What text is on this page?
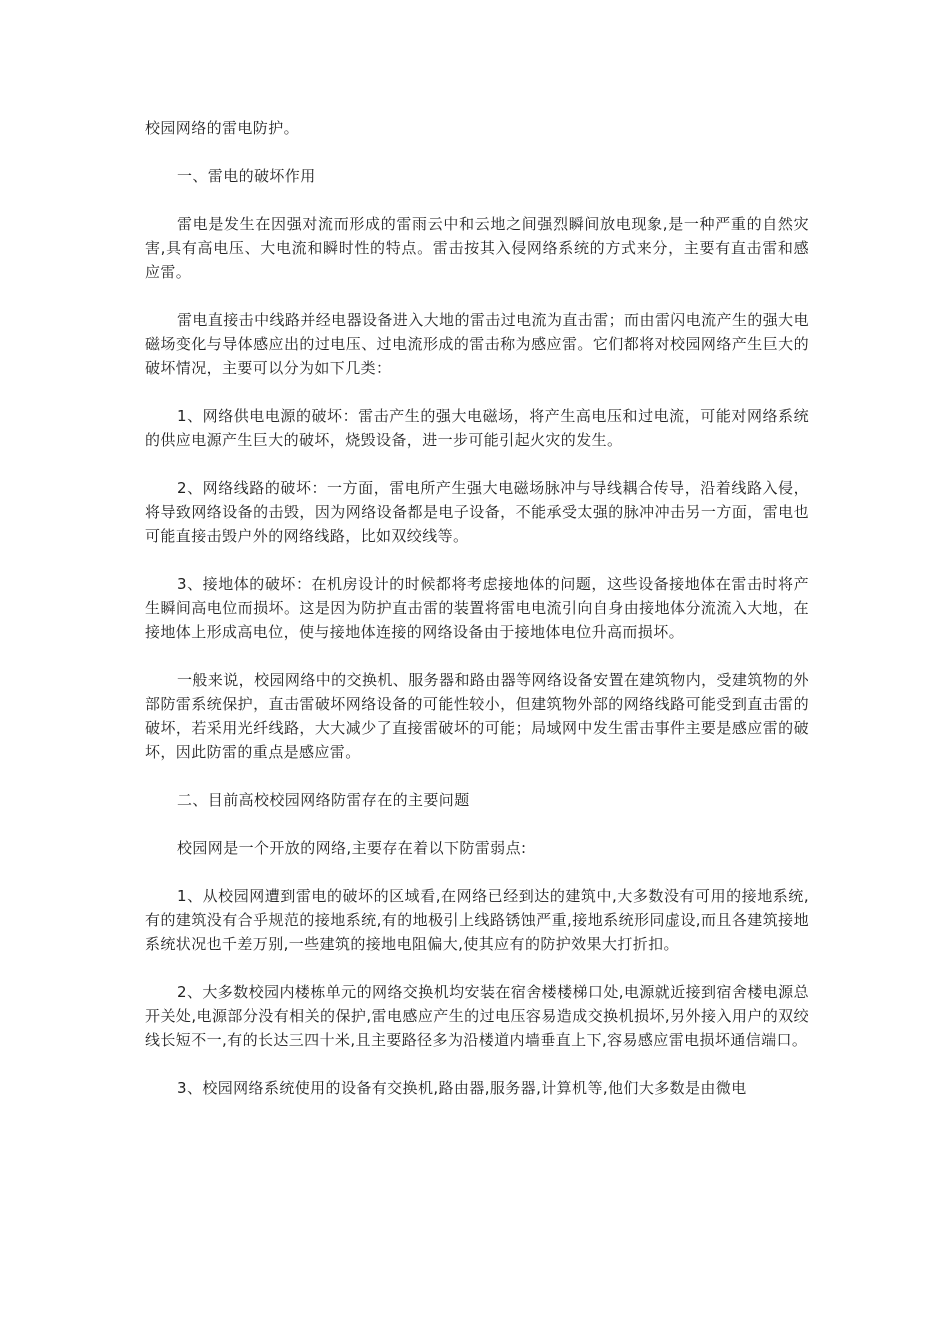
校园网络的雷电防护。

一、雷电的破坏作用

雷电是发生在因强对流而形成的雷雨云中和云地之间强烈瞬间放电现象,是一种严重的自然灾害,具有高电压、大电流和瞬时性的特点。雷击按其入侵网络系统的方式来分，主要有直击雷和感应雷。

雷电直接击中线路并经电器设备进入大地的雷击过电流为直击雷；而由雷闪电流产生的强大电磁场变化与导体感应出的过电压、过电流形成的雷击称为感应雷。它们都将对校园网络产生巨大的破坏情况，主要可以分为如下几类：

1、网络供电电源的破坏：雷击产生的强大电磁场，将产生高电压和过电流，可能对网络系统的供应电源产生巨大的破坏，烧毁设备，进一步可能引起火灾的发生。

2、网络线路的破坏：一方面，雷电所产生强大电磁场脉冲与导线耦合传导，沿着线路入侵，将导致网络设备的击毁，因为网络设备都是电子设备，不能承受太强的脉冲冲击另一方面，雷电也可能直接击毁户外的网络线路，比如双绞线等。

3、接地体的破坏：在机房设计的时候都将考虑接地体的问题，这些设备接地体在雷击时将产生瞬间高电位而损坏。这是因为防护直击雷的装置将雷电电流引向自身由接地体分流流入大地，在接地体上形成高电位，使与接地体连接的网络设备由于接地体电位升高而损坏。

一般来说，校园网络中的交换机、服务器和路由器等网络设备安置在建筑物内，受建筑物的外部防雷系统保护，直击雷破坏网络设备的可能性较小，但建筑物外部的网络线路可能受到直击雷的破坏，若采用光纤线路，大大减少了直接雷破坏的可能；局域网中发生雷击事件主要是感应雷的破坏，因此防雷的重点是感应雷。

二、目前高校校园网络防雷存在的主要问题

校园网是一个开放的网络,主要存在着以下防雷弱点:

1、从校园网遭到雷电的破坏的区域看,在网络已经到达的建筑中,大多数没有可用的接地系统,有的建筑没有合乎规范的接地系统,有的地极引上线路锈蚀严重,接地系统形同虚设,而且各建筑接地系统状况也千差万别,一些建筑的接地电阻偏大,使其应有的防护效果大打折扣。

2、大多数校园内楼栋单元的网络交换机均安装在宿舍楼楼梯口处,电源就近接到宿舍楼电源总开关处,电源部分没有相关的保护,雷电感应产生的过电压容易造成交换机损坏,另外接入用户的双绞线长短不一,有的长达三四十米,且主要路径多为沿楼道内墙垂直上下,容易感应雷电损坏通信端口。

3、校园网络系统使用的设备有交换机,路由器,服务器,计算机等,他们大多数是由微电
